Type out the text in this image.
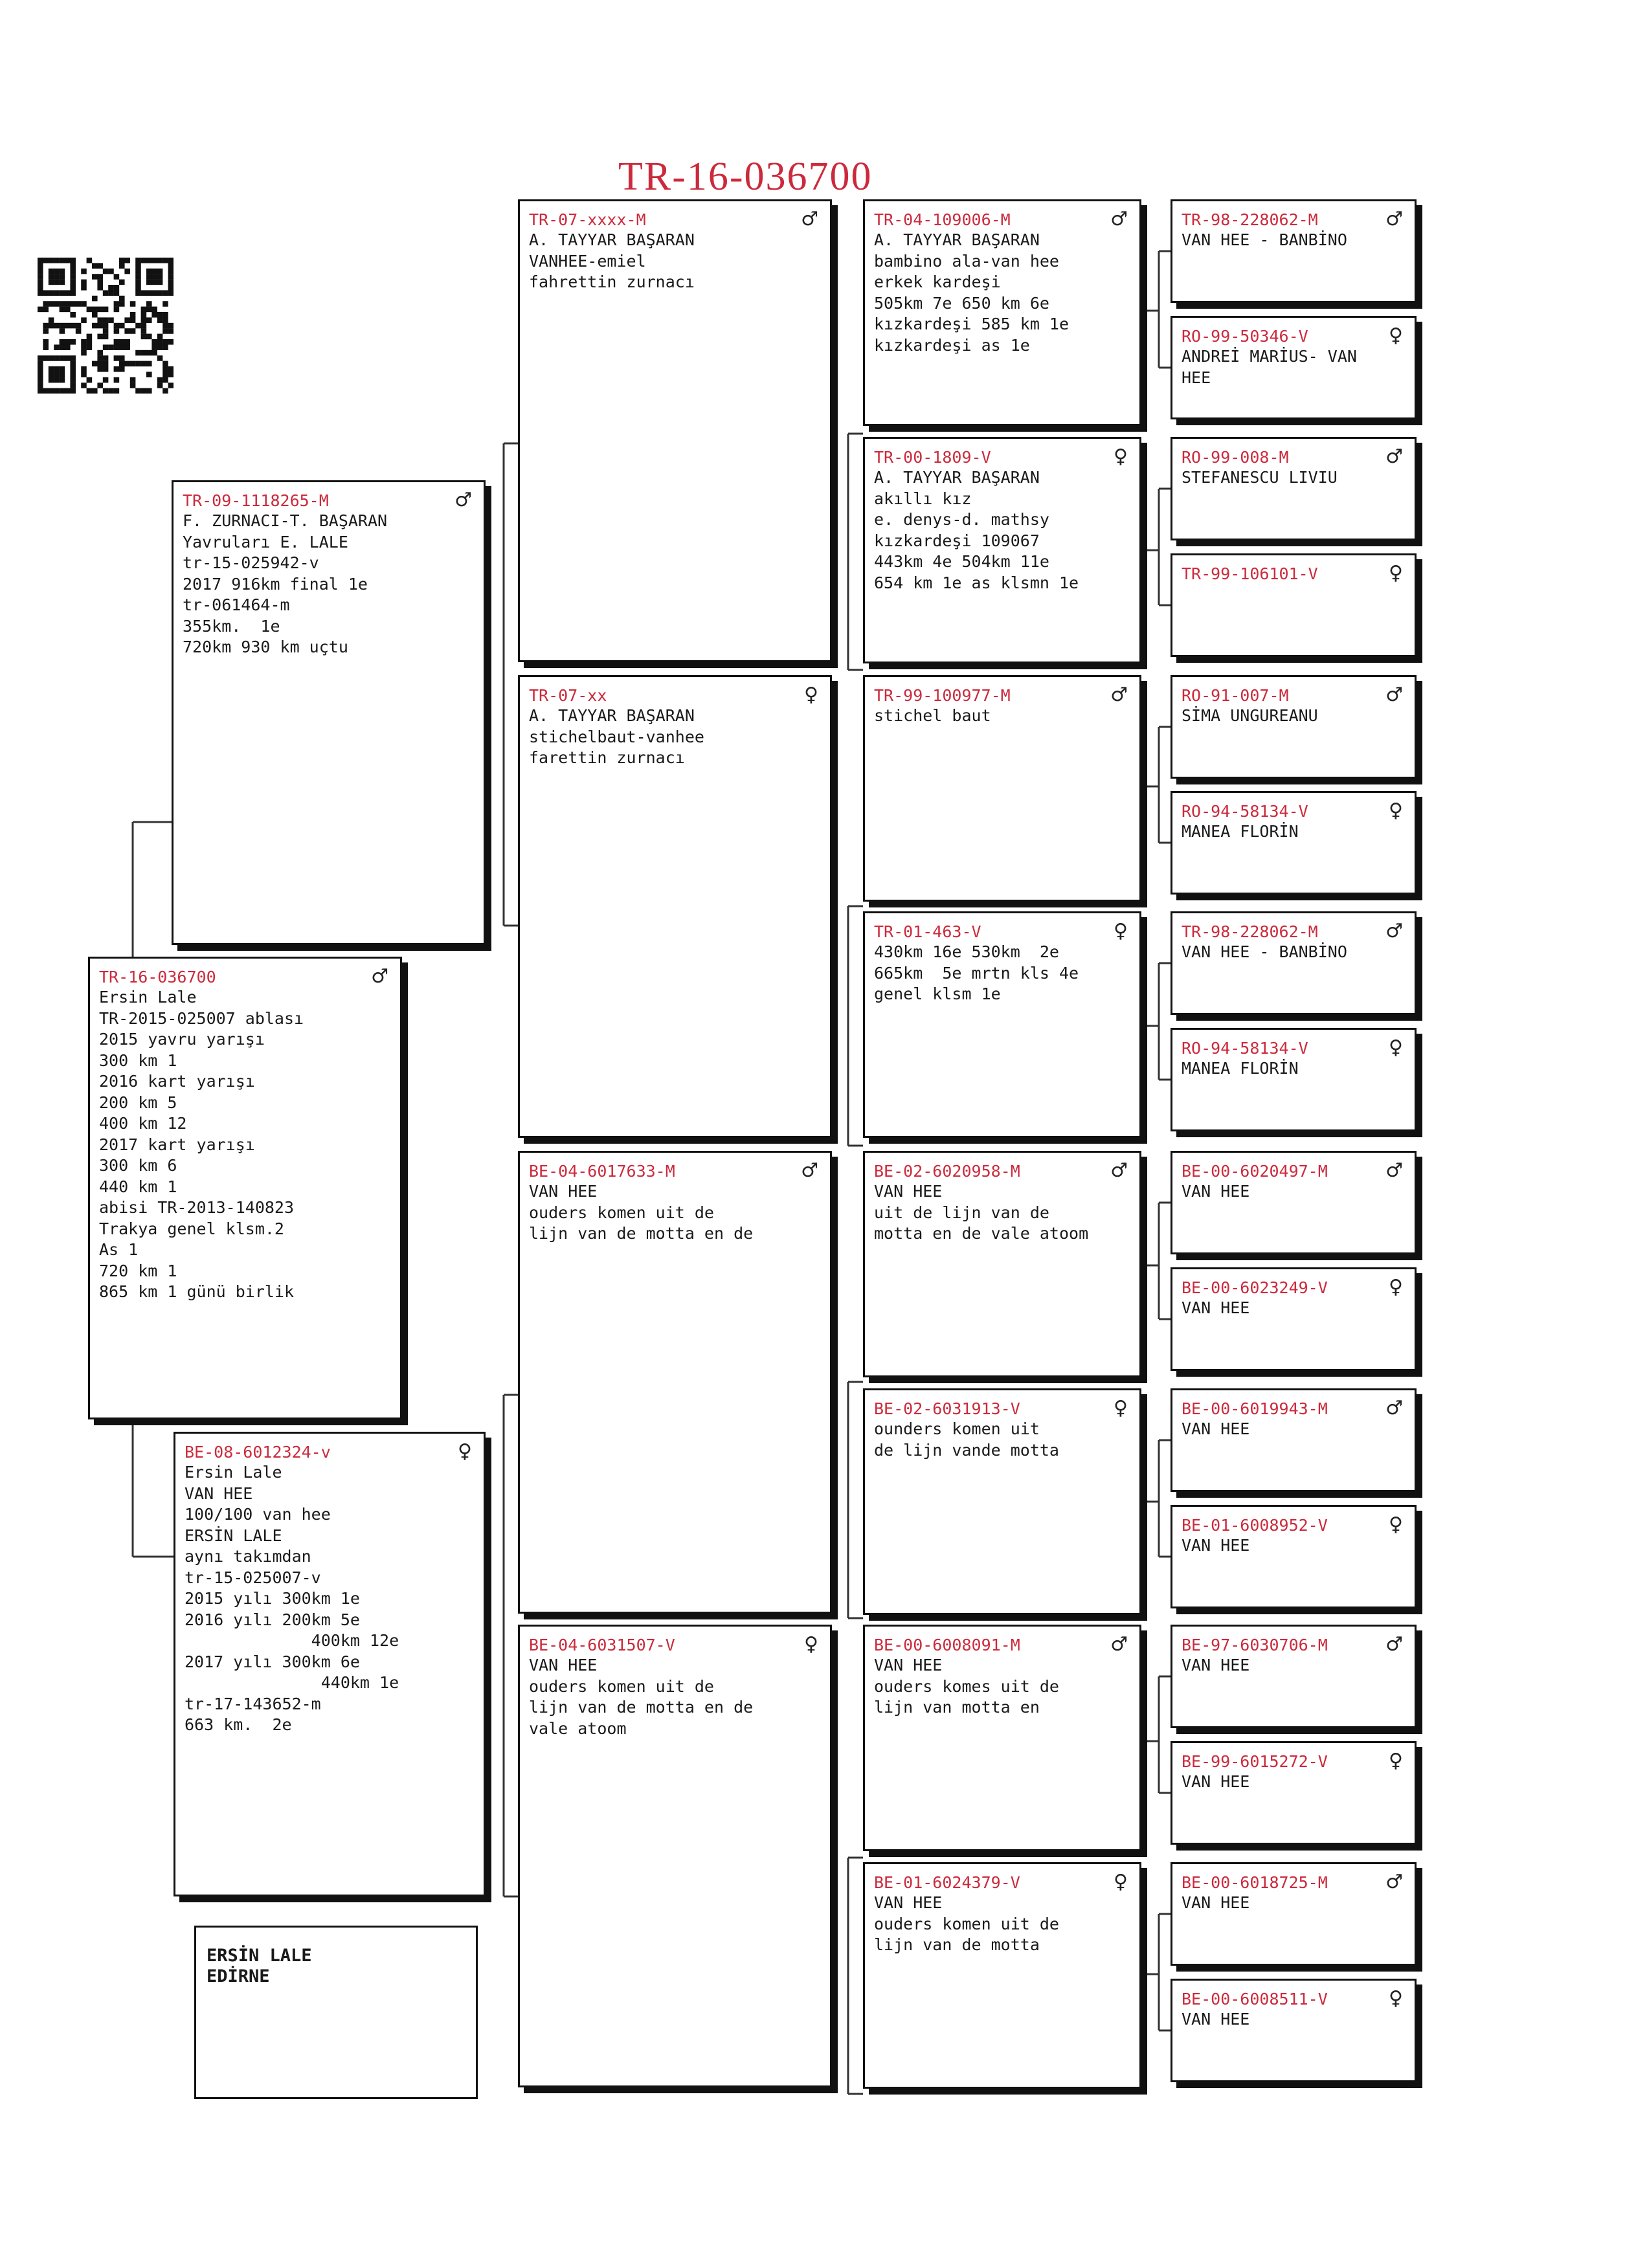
TR-16-036700
TR-16-036700	♂
Ersin Lale
TR-2015-025007 ablası
2015 yavru yarışı
300 km 1
2016 kart yarışı
200 km 5
400 km 12
2017 kart yarışı
300 km 6
440 km 1
abisi TR-2013-140823
Trakya genel klsm.2
As 1
720 km 1
865 km 1 günü birlik
TR-09-1118265-M	♂
F. ZURNACI-T. BAŞARAN
Yavruları E. LALE
tr-15-025942-v
2017 916km final 1e
tr-061464-m
355km.  1e
720km 930 km uçtu
BE-08-6012324-v	♀
Ersin Lale
VAN HEE
100/100 van hee
ERSİN LALE
aynı takımdan
tr-15-025007-v
2015 yılı 300km 1e
2016 yılı 200km 5e
400km 12e
2017 yılı 300km 6e
440km 1e
tr-17-143652-m
663 km.  2e
TR-07-xxxx-M	♂
A. TAYYAR BAŞARAN
VANHEE-emiel
fahrettin zurnacı
TR-07-xx	♀
A. TAYYAR BAŞARAN
stichelbaut-vanhee
farettin zurnacı
BE-04-6017633-M	♂
VAN HEE
ouders komen uit de
lijn van de motta en de
BE-04-6031507-V	♀
VAN HEE
ouders komen uit de
lijn van de motta en de
vale atoom
TR-04-109006-M	♂
A. TAYYAR BAŞARAN
bambino ala-van hee
erkek kardeşi
505km 7e 650 km 6e
kızkardeşi 585 km 1e
kızkardeşi as 1e
TR-00-1809-V	♀
A. TAYYAR BAŞARAN
akıllı kız
e. denys-d. mathsy
kızkardeşi 109067
443km 4e 504km 11e
654 km 1e as klsmn 1e
TR-99-100977-M	♂
stichel baut
TR-01-463-V	♀
430km 16e 530km  2e
665km  5e mrtn kls 4e
genel klsm 1e
BE-02-6020958-M	♂
VAN HEE
uit de lijn van de
motta en de vale atoom
BE-02-6031913-V	♀
ounders komen uit
de lijn vande motta
BE-00-6008091-M	♂
VAN HEE
ouders komes uit de
lijn van motta en
BE-01-6024379-V	♀
VAN HEE
ouders komen uit de
lijn van de motta
TR-98-228062-M	♂
VAN HEE - BANBİNO
RO-99-50346-V	♀
ANDREİ MARİUS- VAN
HEE
RO-99-008-M	♂
STEFANESCU LIVIU
TR-99-106101-V	♀
RO-91-007-M	♂
SİMA UNGUREANU
RO-94-58134-V	♀
MANEA FLORİN
TR-98-228062-M	♂
VAN HEE - BANBİNO
RO-94-58134-V	♀
MANEA FLORİN
BE-00-6020497-M	♂
VAN HEE
BE-00-6023249-V	♀
VAN HEE
BE-00-6019943-M	♂
VAN HEE
BE-01-6008952-V	♀
VAN HEE
BE-97-6030706-M	♂
VAN HEE
BE-99-6015272-V	♀
VAN HEE
BE-00-6018725-M	♂
VAN HEE
BE-00-6008511-V	♀
VAN HEE
ERSİN LALE
EDİRNE
